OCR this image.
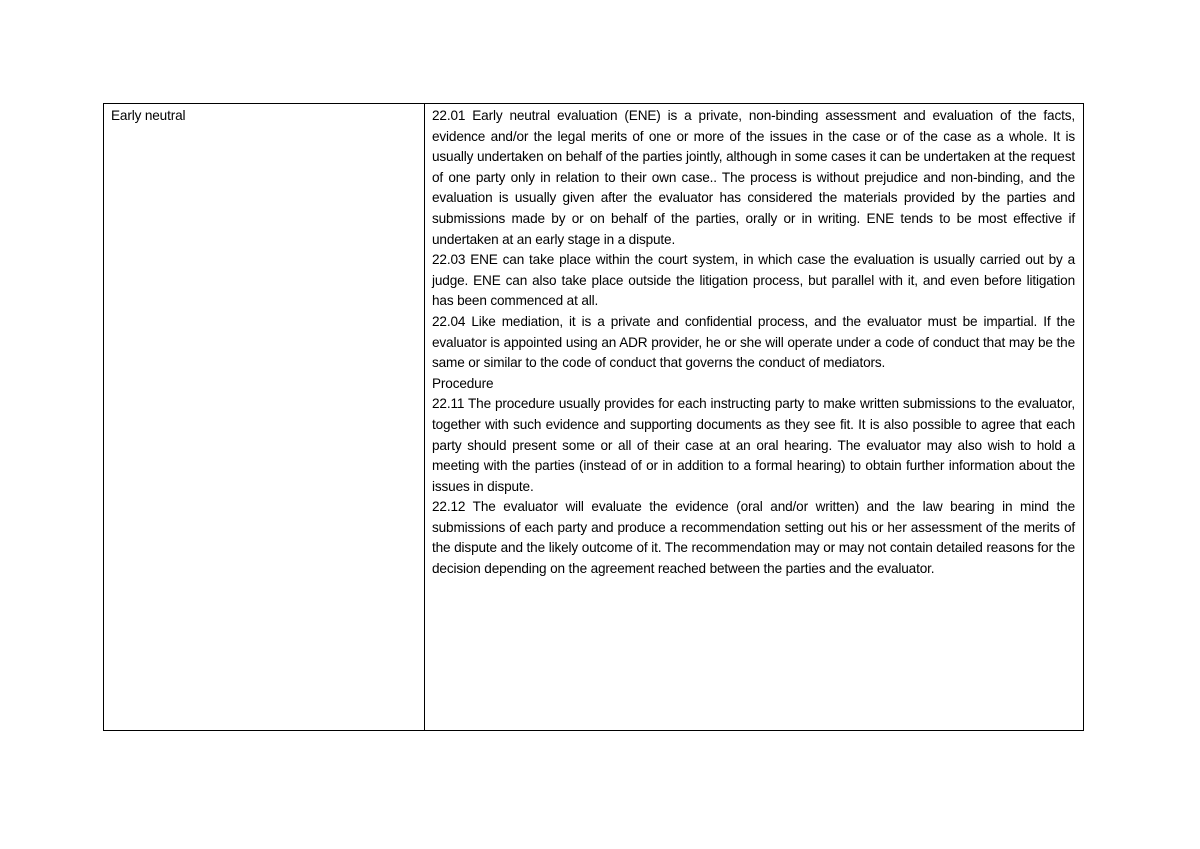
Early neutral	22.01 Early neutral evaluation (ENE) is a private, non-binding assessment and evaluation of the facts, evidence and/or the legal merits of one or more of the issues in the case or of the case as a whole. It is usually undertaken on behalf of the parties jointly, although in some cases it can be undertaken at the request of one party only in relation to their own case.. The process is without prejudice and non-binding, and the evaluation is usually given after the evaluator has considered the materials provided by the parties and submissions made by or on behalf of the parties, orally or in writing. ENE tends to be most effective if undertaken at an early stage in a dispute.

22.03 ENE can take place within the court system, in which case the evaluation is usually carried out by a judge. ENE can also take place outside the litigation process, but parallel with it, and even before litigation has been commenced at all.

22.04 Like mediation, it is a private and confidential process, and the evaluator must be impartial. If the evaluator is appointed using an ADR provider, he or she will operate under a code of conduct that may be the same or similar to the code of conduct that governs the conduct of mediators.

Procedure

22.11 The procedure usually provides for each instructing party to make written submissions to the evaluator, together with such evidence and supporting documents as they see fit. It is also possible to agree that each party should present some or all of their case at an oral hearing. The evaluator may also wish to hold a meeting with the parties (instead of or in addition to a formal hearing) to obtain further information about the issues in dispute.

22.12 The evaluator will evaluate the evidence (oral and/or written) and the law bearing in mind the submissions of each party and produce a recommendation setting out his or her assessment of the merits of the dispute and the likely outcome of it. The recommendation may or may not contain detailed reasons for the decision depending on the agreement reached between the parties and the evaluator.
